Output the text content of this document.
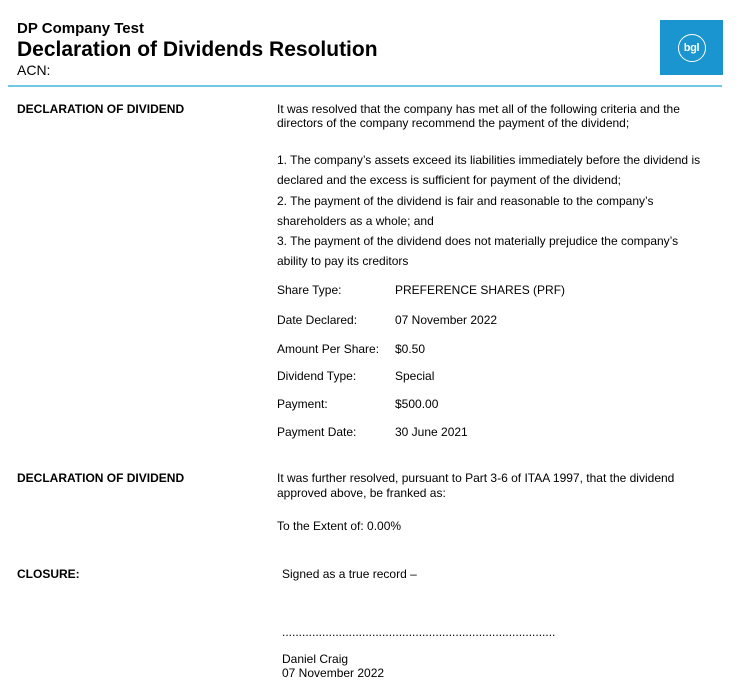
DP Company Test
Declaration of Dividends Resolution
ACN:
bgl
DECLARATION OF DIVIDEND	It was resolved that the company has met all of the following criteria and the
directors of the company recommend the payment of the dividend;
1. The company’s assets exceed its liabilities immediately before the dividend is
declared and the excess is sufficient for payment of the dividend;
2. The payment of the dividend is fair and reasonable to the company’s
shareholders as a whole; and
3. The payment of the dividend does not materially prejudice the company’s
ability to pay its creditors
Share Type:	PREFERENCE SHARES (PRF)
Date Declared:	07 November 2022
Amount Per Share: $0.50
Dividend Type:	Special
Payment:	$500.00
Payment Date:	30 June 2021
DECLARATION OF DIVIDEND	It was further resolved, pursuant to Part 3-6 of ITAA 1997, that the dividend
approved above, be franked as:
To the Extent of: 0.00%
CLOSURE:	Signed as a true record –
..................................................................................
Daniel Craig
07 November 2022
